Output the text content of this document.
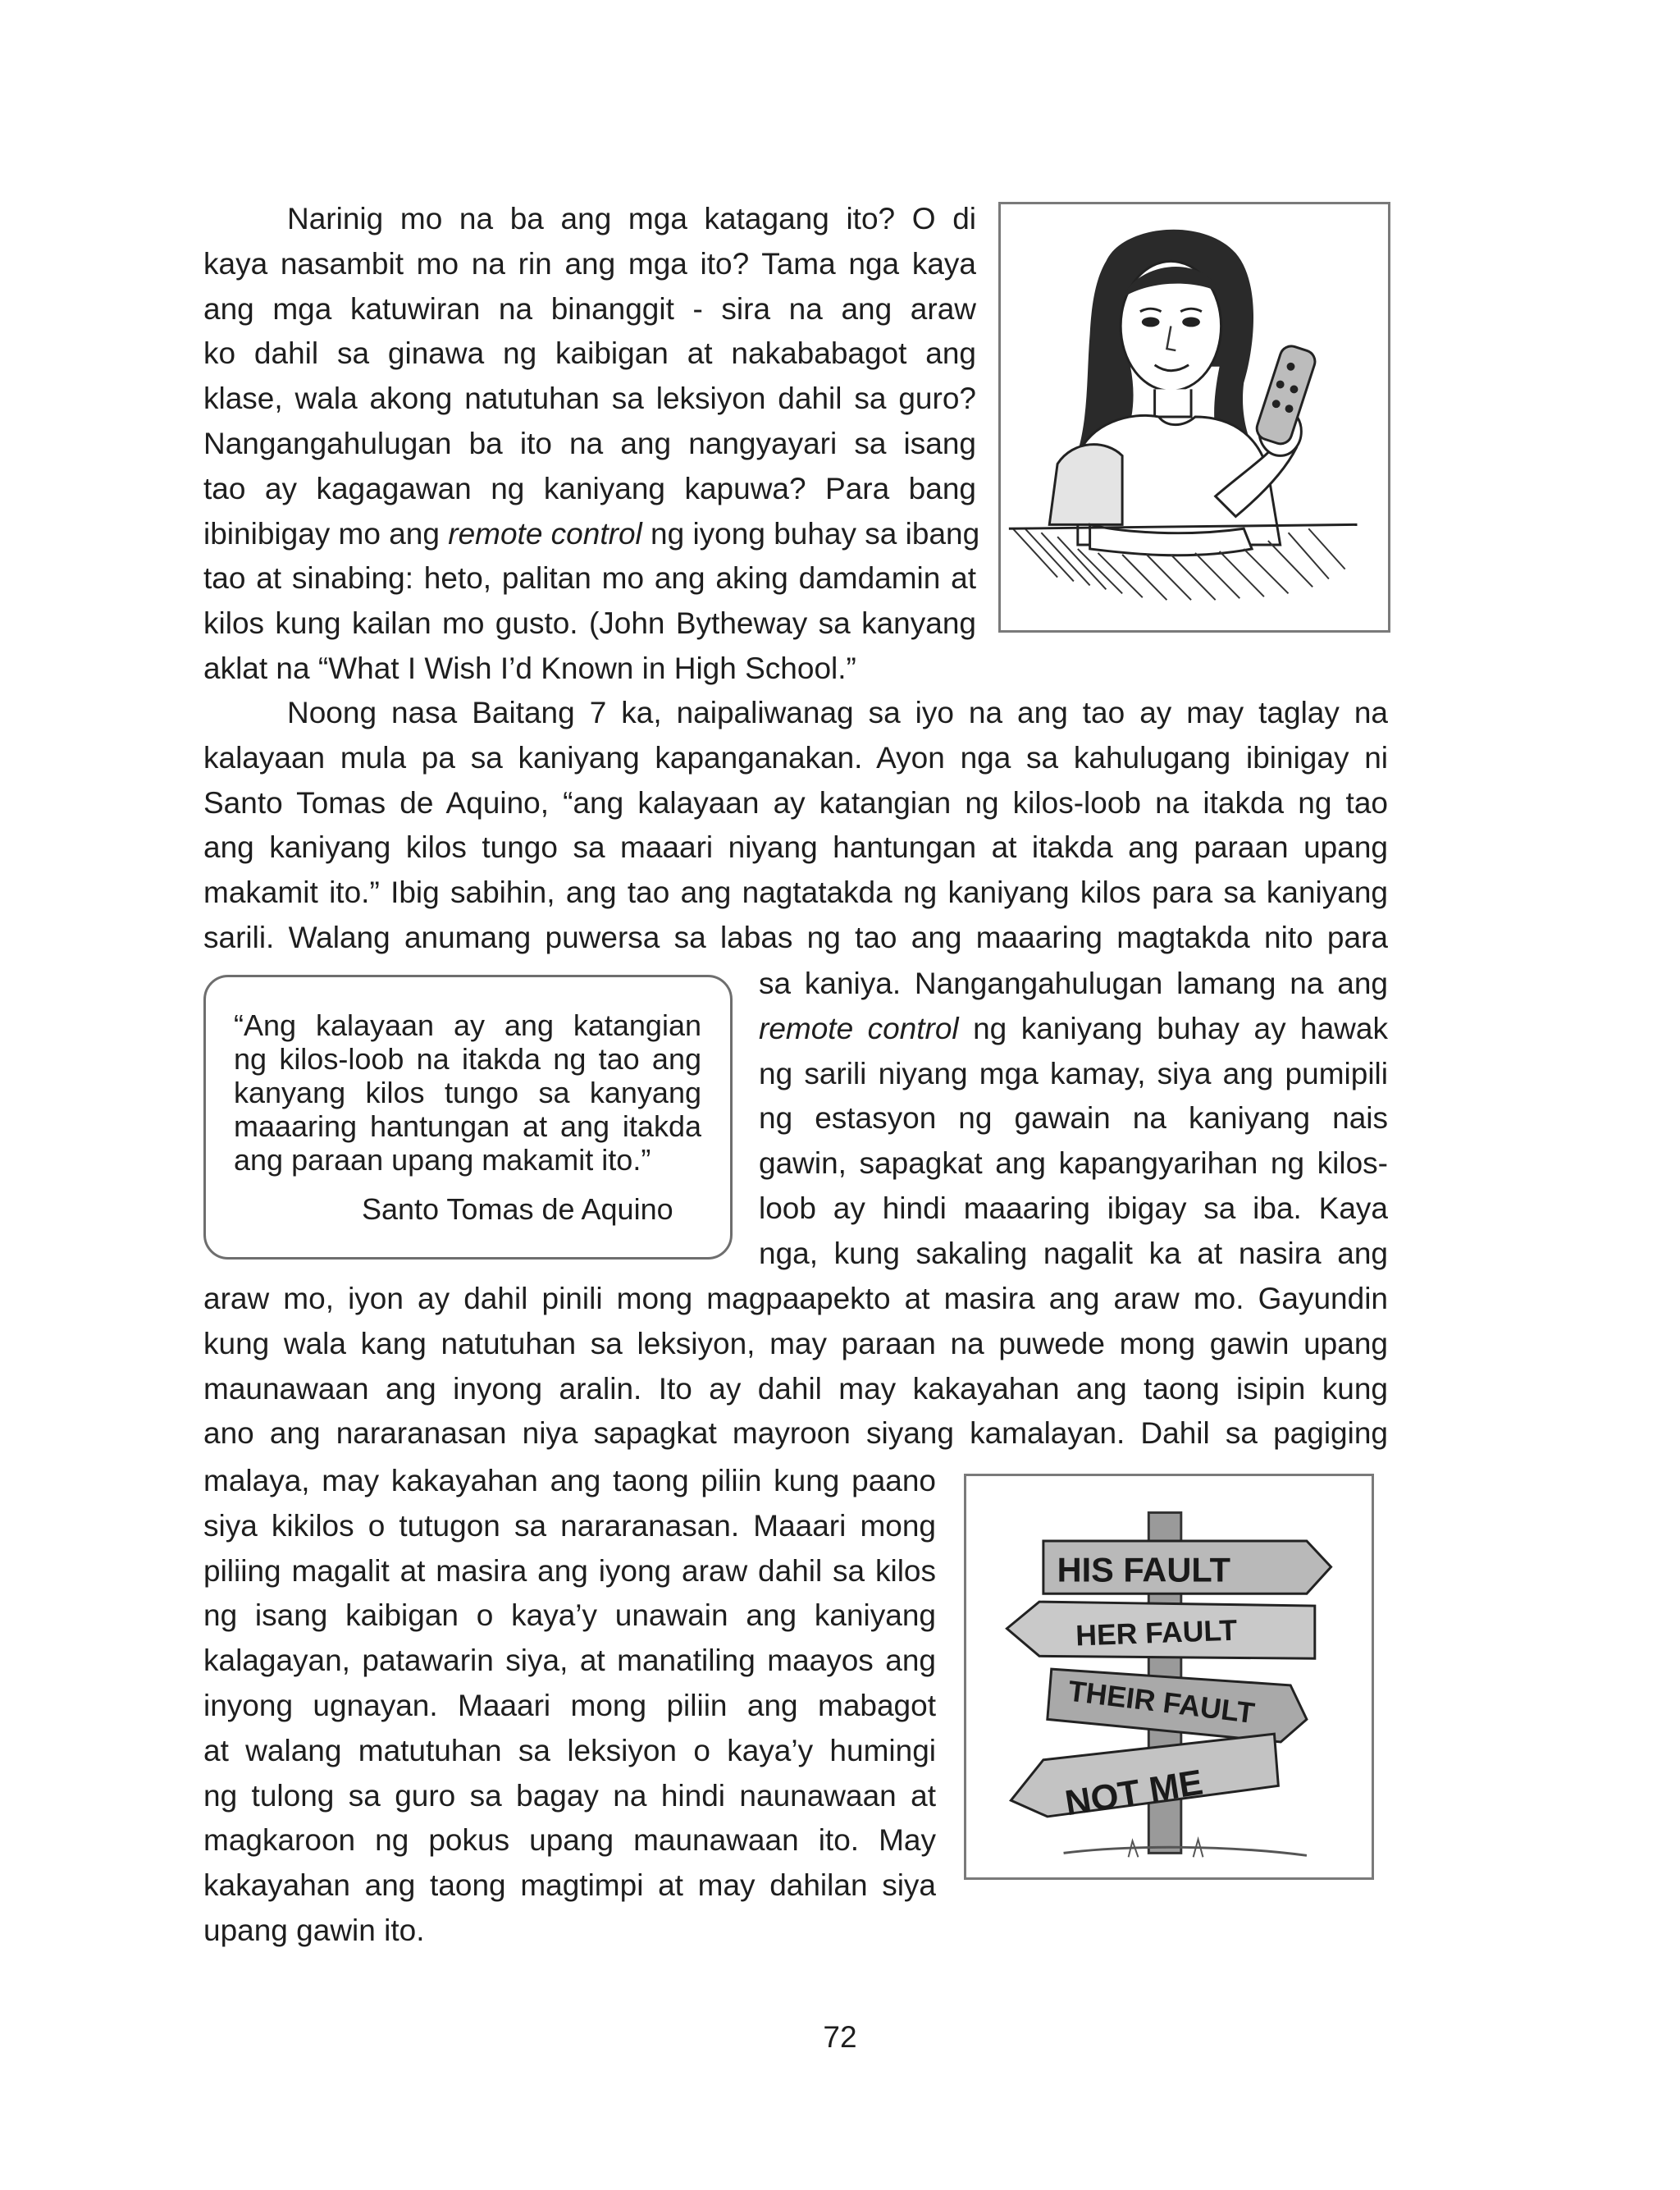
Narinig mo na ba ang mga katagang ito? O di
kaya nasambit mo na rin ang mga ito? Tama nga kaya
ang mga katuwiran na binanggit - sira na ang araw
ko dahil sa ginawa ng kaibigan at nakababagot ang
klase, wala akong natutuhan sa leksiyon dahil sa guro?
Nangangahulugan ba ito na ang nangyayari sa isang
tao ay kagagawan ng kaniyang kapuwa? Para bang
ibinibigay mo ang remote control ng iyong buhay sa ibang
tao at sinabing: heto, palitan mo ang aking damdamin at
kilos kung kailan mo gusto. (John Bytheway sa kanyang
aklat na “What I Wish I’d Known in High School.”
Noong nasa Baitang 7 ka, naipaliwanag sa iyo na ang tao ay may taglay na
kalayaan mula pa sa kaniyang kapanganakan. Ayon nga sa kahulugang ibinigay ni
Santo Tomas de Aquino, “ang kalayaan ay katangian ng kilos-loob na itakda ng tao
ang kaniyang kilos tungo sa maaari niyang hantungan at itakda ang paraan upang
makamit ito.” Ibig sabihin, ang tao ang nagtatakda ng kaniyang kilos para sa kaniyang
sarili. Walang anumang puwersa sa labas ng tao ang maaaring magtakda nito para

“Ang kalayaan ay ang katangian
ng kilos-loob na itakda ng tao ang
kanyang kilos tungo sa kanyang
maaaring hantungan at ang itakda
ang paraan upang makamit ito.”

Santo Tomas de Aquino

sa kaniya. Nangangahulugan lamang na ang
remote control ng kaniyang buhay ay hawak
ng sarili niyang mga kamay, siya ang pumipili
ng estasyon ng gawain na kaniyang nais
gawin, sapagkat ang kapangyarihan ng kilos-
loob ay hindi maaaring ibigay sa iba. Kaya
nga, kung sakaling nagalit ka at nasira ang
araw mo, iyon ay dahil pinili mong magpaapekto at masira ang araw mo. Gayundin
kung wala kang natutuhan sa leksiyon, may paraan na puwede mong gawin upang
maunawaan ang inyong aralin. Ito ay dahil may kakayahan ang taong isipin kung
ano ang nararanasan niya sapagkat mayroon siyang kamalayan. Dahil sa pagiging
malaya, may kakayahan ang taong piliin kung paano
siya kikilos o tutugon sa nararanasan. Maaari mong
piliing magalit at masira ang iyong araw dahil sa kilos
ng isang kaibigan o kaya’y unawain ang kaniyang
kalagayan, patawarin siya, at manatiling maayos ang
inyong ugnayan. Maaari mong piliin ang mabagot
at walang matutuhan sa leksiyon o kaya’y humingi
ng tulong sa guro sa bagay na hindi naunawaan at
magkaroon ng pokus upang maunawaan ito. May
kakayahan ang taong magtimpi at may dahilan siya
upang gawin ito.
HIS FAULT
HER FAULT
THEIR FAULT
NOT ME
72
